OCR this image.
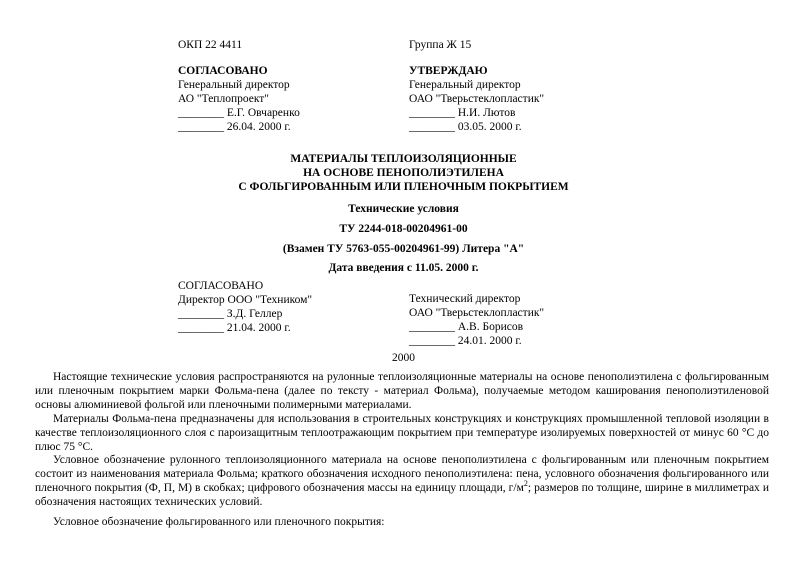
ОКП 22 4411	Группа Ж 15
СОГЛАСОВАНО
Генеральный директор
АО "Теплопроект"
________ Е.Г. Овчаренко
________ 26.04. 2000 г.
УТВЕРЖДАЮ
Генеральный директор
ОАО "Тверьстеклопластик"
________ Н.И. Лютов
________ 03.05. 2000 г.
МАТЕРИАЛЫ ТЕПЛОИЗОЛЯЦИОННЫЕ
НА ОСНОВЕ ПЕНОПОЛИЭТИЛЕНА
С ФОЛЬГИРОВАННЫМ ИЛИ ПЛЕНОЧНЫМ ПОКРЫТИЕМ
Технические условия
ТУ 2244-018-00204961-00
(Взамен ТУ 5763-055-00204961-99) Литера "А"
Дата введения с 11.05. 2000 г.
СОГЛАСОВАНО
Директор ООО "Техником"
________ З.Д. Геллер
________ 21.04. 2000 г.
Технический директор
ОАО "Тверьстеклопластик"
________ А.В. Борисов
________ 24.01. 2000 г.
2000
Настоящие технические условия распространяются на рулонные теплоизоляционные материалы на основе пенополиэтилена с фольгированным или пленочным покрытием марки Фольма-пена (далее по тексту - материал Фольма), получаемые методом каширования пенополиэтиленовой основы алюминиевой фольгой или пленочными полимерными материалами.
Материалы Фольма-пена предназначены для использования в строительных конструкциях и конструкциях промышленной тепловой изоляции в качестве теплоизоляционного слоя с пароизащитным теплоотражающим покрытием при температуре изолируемых поверхностей от минус 60 °С до плюс 75 °С.
Условное обозначение рулонного теплоизоляционного материала на основе пенополиэтилена с фольгированным или пленочным покрытием состоит из наименования материала Фольма; краткого обозначения исходного пенополиэтилена: пена, условного обозначения фольгированного или пленочного покрытия (Ф, П, М) в скобках; цифрового обозначения массы на единицу площади, $г/м^2$; размеров по толщине, ширине в миллиметрах и обозначения настоящих технических условий.
Условное обозначение фольгированного или пленочного покрытия:
